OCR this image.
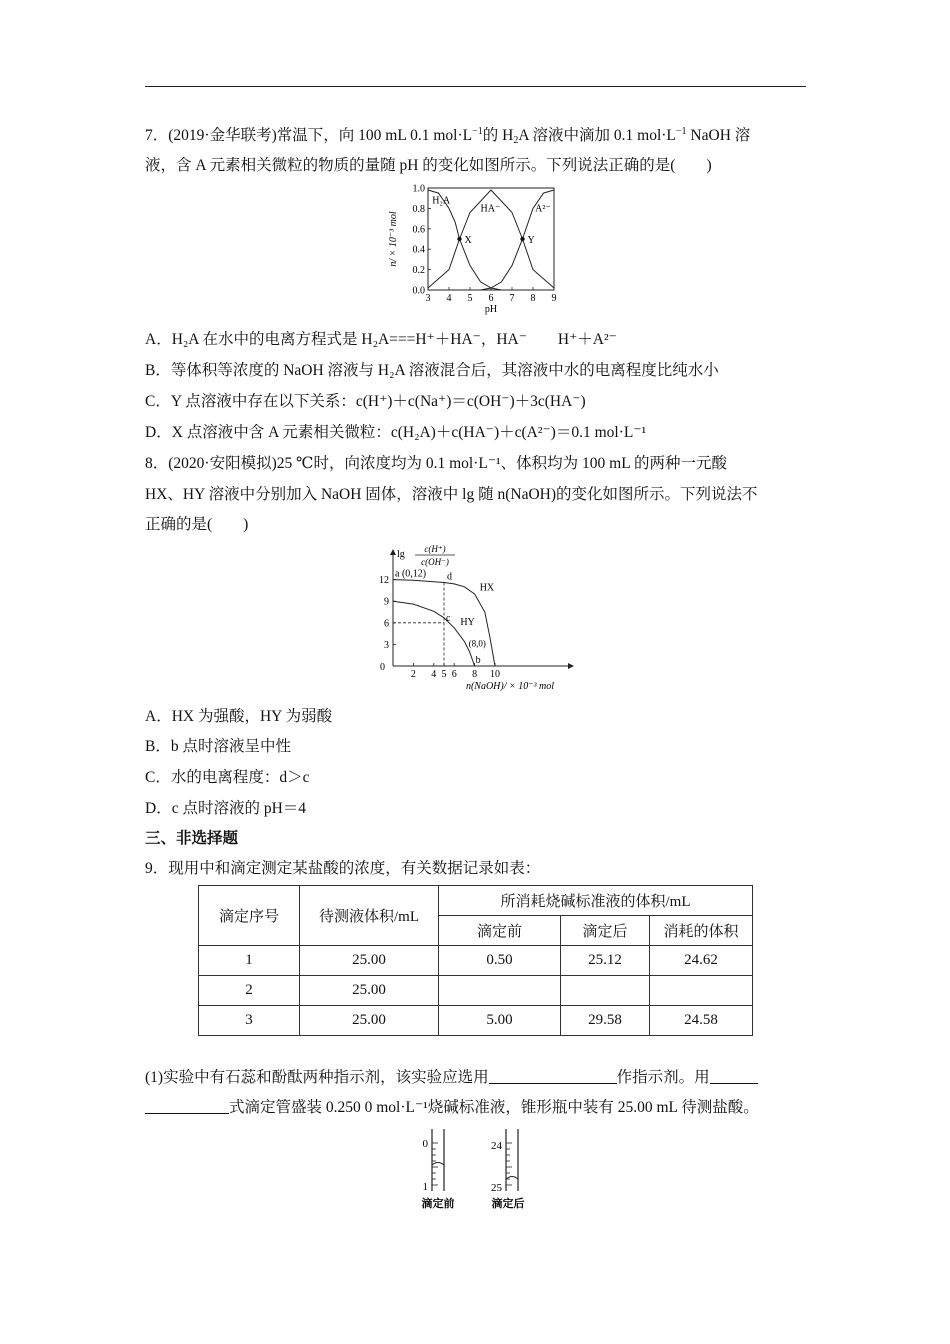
7．(2019·金华联考)常温下，向 100 mL 0.1 $mol\cdot L^{-1}$的 $H_2A$ 溶液中滴加 0.1 $mol\cdot L^{-1}$ NaOH 溶
液，含 A 元素相关微粒的物质的量随 pH 的变化如图所示。下列说法正确的是(　　)
3 4 5 6 7 8 9
0.0
0.2
0.4
0.6
0.8
1.0
pH
n/ × 10⁻³ mol
H₂A
HA⁻	A²⁻
X	Y
A．H₂A 在水中的电离方程式是 H₂A===H⁺＋HA⁻，HA⁻　　H⁺＋A²⁻
B．等体积等浓度的 NaOH 溶液与 H₂A 溶液混合后，其溶液中水的电离程度比纯水小
C．Y 点溶液中存在以下关系：c(H⁺)＋c(Na⁺)＝c(OH⁻)＋3c(HA⁻)
D．X 点溶液中含 A 元素相关微粒：c(H₂A)＋c(HA⁻)＋c(A²⁻)＝0.1 mol·L⁻¹
8．(2020·安阳模拟)25 ℃时，向浓度均为 0.1 mol·L⁻¹、体积均为 100 mL 的两种一元酸
HX、HY 溶液中分别加入 NaOH 固体，溶液中 lg 随 n(NaOH)的变化如图所示。下列说法不
正确的是(　　)
0
2 4 5 6 8 10
3
6
9
12
lg c(H⁺)
c(OH⁻)
n(NaOH)/ × 10⁻³ mol
HX
HY
a (0,12) d
c
(8,0)
b
A．HX 为强酸，HY 为弱酸
B．b 点时溶液呈中性
C．水的电离程度：d＞c
D．c 点时溶液的 pH＝4
三、非选择题
9．现用中和滴定测定某盐酸的浓度，有关数据记录如表：
滴定序号	待测液体积/mL	所消耗烧碱标准液的体积/mL		
		滴定前	滴定后	消耗的体积
1	25.00	0.50	25.12	24.62
2	25.00			
3	25.00	5.00	29.58	24.58
(1)实验中有石蕊和酚酞两种指示剂，该实验应选用	作指示剂。用
式滴定管盛装 0.250 0 mol·L⁻¹烧碱标准液，锥形瓶中装有 25.00 mL 待测盐酸。
0
1
滴定前
24
25
滴定后
